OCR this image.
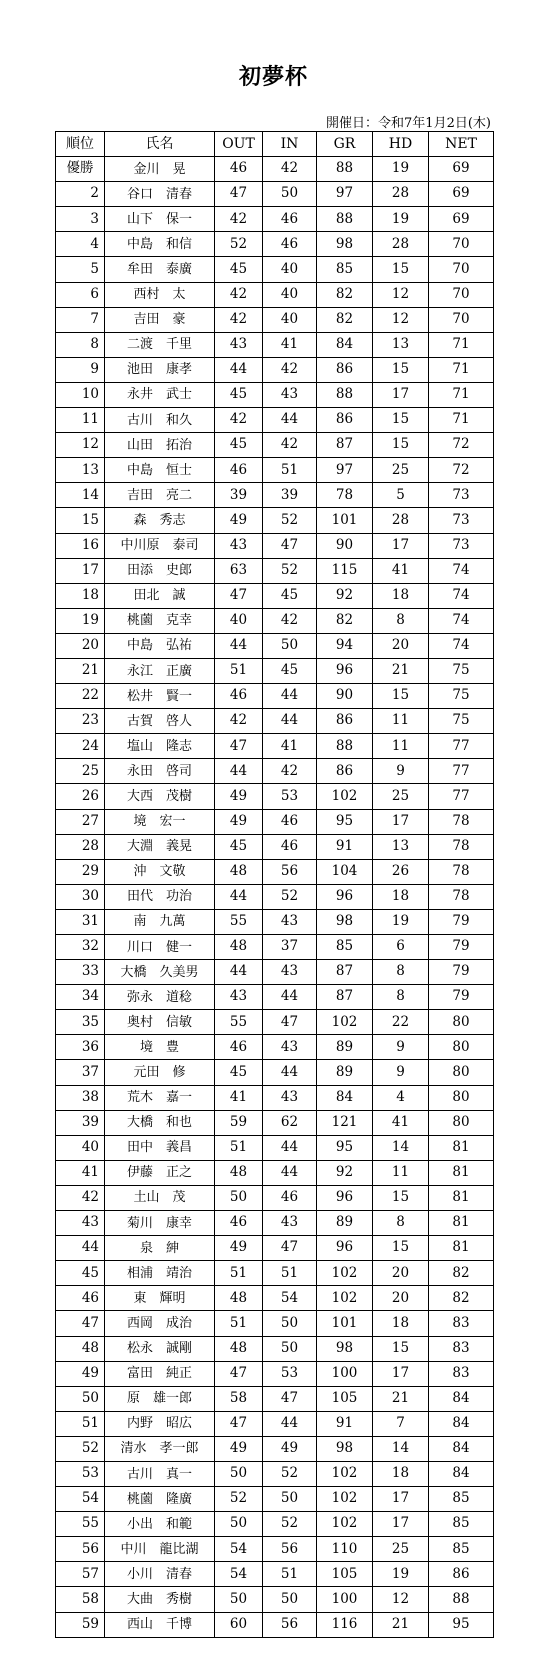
初夢杯
開催日：令和7年1月2日(木)
順位	氏名	OUT	IN	GR	HD	NET
優勝	金川　晃	46	42	88	19	69
2	谷口　清春	47	50	97	28	69
3	山下　保一	42	46	88	19	69
4	中島　和信	52	46	98	28	70
5	牟田　泰廣	45	40	85	15	70
6	西村　太	42	40	82	12	70
7	吉田　豪	42	40	82	12	70
8	二渡　千里	43	41	84	13	71
9	池田　康孝	44	42	86	15	71
10	永井　武士	45	43	88	17	71
11	古川　和久	42	44	86	15	71
12	山田　拓治	45	42	87	15	72
13	中島　恒士	46	51	97	25	72
14	吉田　亮二	39	39	78	5	73
15	森　秀志	49	52	101	28	73
16	中川原　泰司	43	47	90	17	73
17	田添　史郎	63	52	115	41	74
18	田北　誠	47	45	92	18	74
19	桃薗　克幸	40	42	82	8	74
20	中島　弘祐	44	50	94	20	74
21	永江　正廣	51	45	96	21	75
22	松井　賢一	46	44	90	15	75
23	古賀　啓人	42	44	86	11	75
24	塩山　隆志	47	41	88	11	77
25	永田　啓司	44	42	86	9	77
26	大西　茂樹	49	53	102	25	77
27	境　宏一	49	46	95	17	78
28	大淵　義晃	45	46	91	13	78
29	沖　文敬	48	56	104	26	78
30	田代　功治	44	52	96	18	78
31	南　九萬	55	43	98	19	79
32	川口　健一	48	37	85	6	79
33	大橋　久美男	44	43	87	8	79
34	弥永　道稔	43	44	87	8	79
35	奥村　信敏	55	47	102	22	80
36	境　豊	46	43	89	9	80
37	元田　修	45	44	89	9	80
38	荒木　嘉一	41	43	84	4	80
39	大橋　和也	59	62	121	41	80
40	田中　義昌	51	44	95	14	81
41	伊藤　正之	48	44	92	11	81
42	土山　茂	50	46	96	15	81
43	菊川　康幸	46	43	89	8	81
44	泉　紳	49	47	96	15	81
45	相浦　靖治	51	51	102	20	82
46	東　輝明	48	54	102	20	82
47	西岡　成治	51	50	101	18	83
48	松永　誠剛	48	50	98	15	83
49	富田　純正	47	53	100	17	83
50	原　雄一郎	58	47	105	21	84
51	内野　昭広	47	44	91	7	84
52	清水　孝一郎	49	49	98	14	84
53	古川　真一	50	52	102	18	84
54	桃薗　隆廣	52	50	102	17	85
55	小出　和範	50	52	102	17	85
56	中川　龍比湖	54	56	110	25	85
57	小川　清春	54	51	105	19	86
58	大曲　秀樹	50	50	100	12	88
59	西山　千博	60	56	116	21	95
